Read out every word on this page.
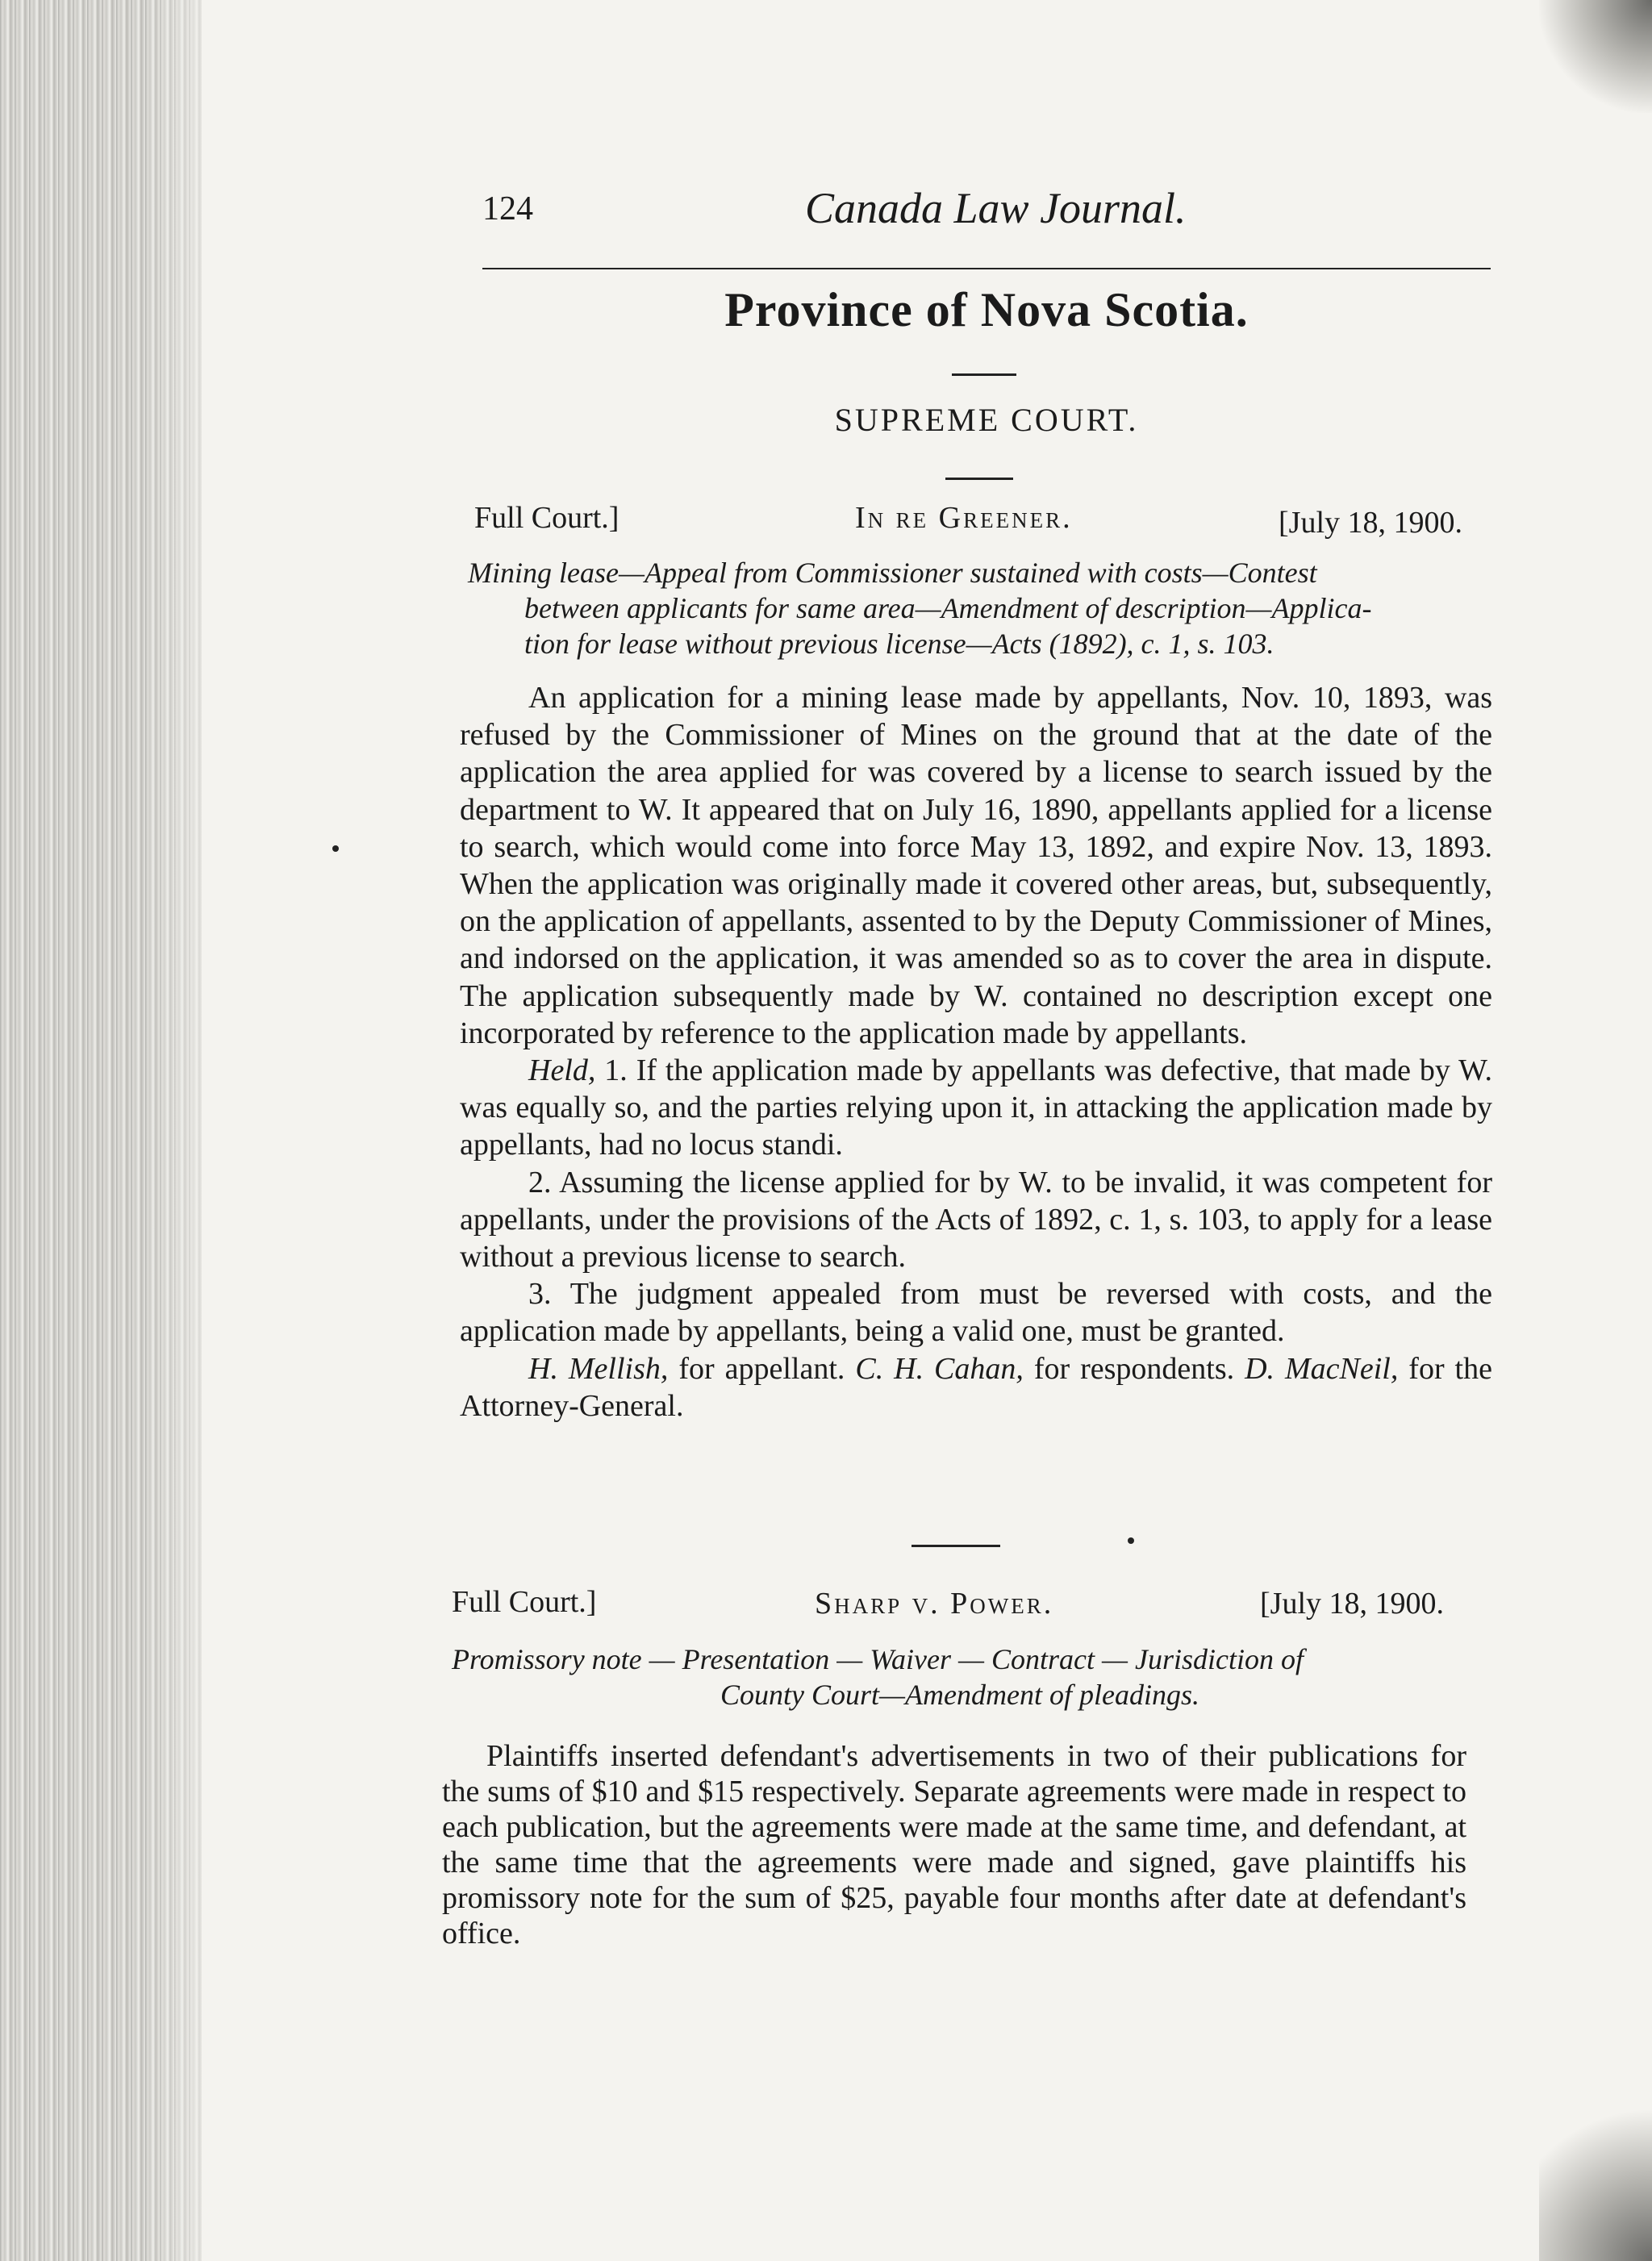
124	Canada Law Journal.
Province of Nova Scotia.
SUPREME COURT.
Full Court.]	In re Greener.	[July 18, 1900.
Mining lease—Appeal from Commissioner sustained with costs—Contest
between applicants for same area—Amendment of description—Applica-
tion for lease without previous license—Acts (1892), c. 1, s. 103.

An application for a mining lease made by appellants, Nov. 10, 1893, was refused by the Commissioner of Mines on the ground that at the date of the application the area applied for was covered by a license to search issued by the department to W. It appeared that on July 16, 1890, appellants applied for a license to search, which would come into force May 13, 1892, and expire Nov. 13, 1893. When the application was originally made it covered other areas, but, subsequently, on the application of appellants, assented to by the Deputy Commissioner of Mines, and indorsed on the application, it was amended so as to cover the area in dispute. The application subsequently made by W. contained no description except one incorporated by reference to the application made by appellants.

Held, 1. If the application made by appellants was defective, that made by W. was equally so, and the parties relying upon it, in attacking the application made by appellants, had no locus standi.

2. Assuming the license applied for by W. to be invalid, it was competent for appellants, under the provisions of the Acts of 1892, c. 1, s. 103, to apply for a lease without a previous license to search.

3. The judgment appealed from must be reversed with costs, and the application made by appellants, being a valid one, must be granted.

H. Mellish, for appellant. C. H. Cahan, for respondents. D. MacNeil, for the Attorney-General.

Full Court.]	Sharp v. Power.	[July 18, 1900.
Promissory note — Presentation — Waiver — Contract — Jurisdiction of
County Court—Amendment of pleadings.

Plaintiffs inserted defendant's advertisements in two of their publications for the sums of $10 and $15 respectively. Separate agreements were made in respect to each publication, but the agreements were made at the same time, and defendant, at the same time that the agreements were made and signed, gave plaintiffs his promissory note for the sum of $25, payable four months after date at defendant's office.
